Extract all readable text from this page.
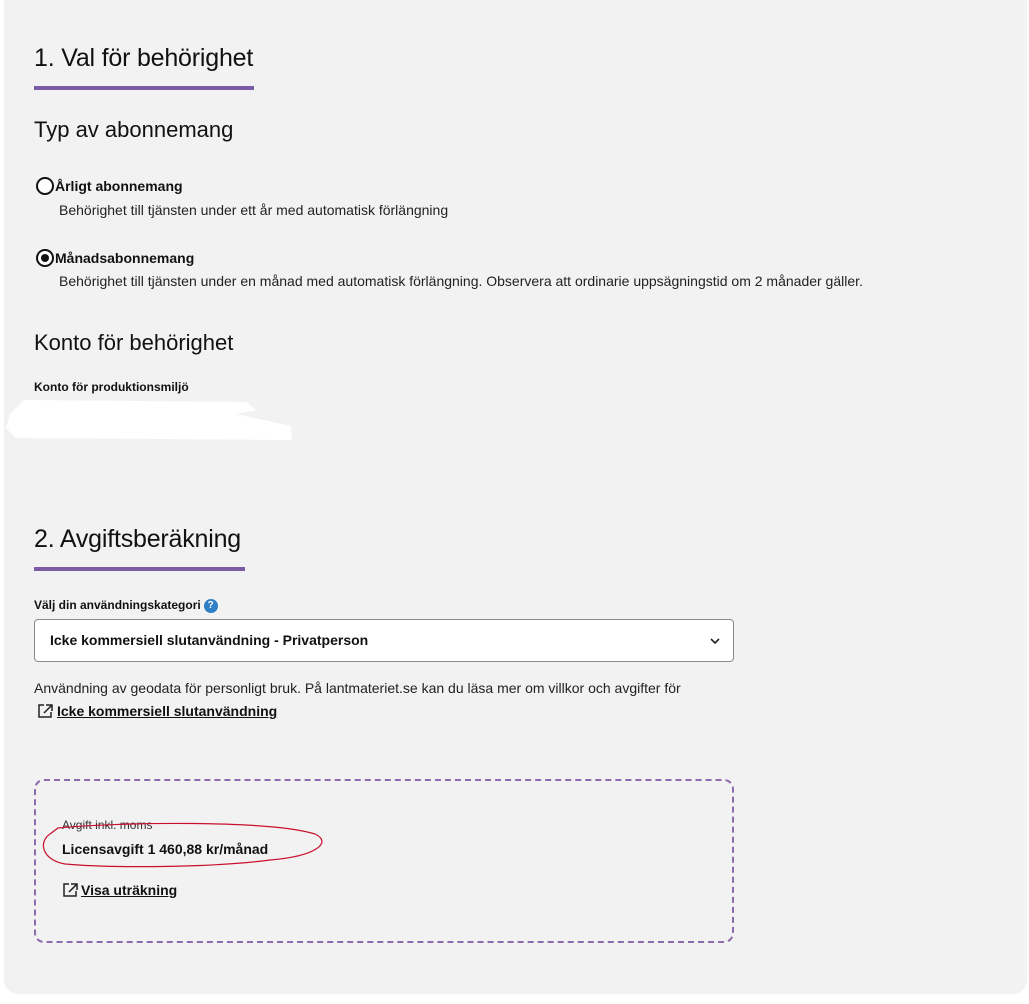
1. Val för behörighet
Typ av abonnemang
Årligt abonnemang
Behörighet till tjänsten under ett år med automatisk förlängning
Månadsabonnemang
Behörighet till tjänsten under en månad med automatisk förlängning. Observera att ordinarie uppsägningstid om 2 månader gäller.
Konto för behörighet
Konto för produktionsmiljö
2. Avgiftsberäkning
Välj din användningskategori ?
Icke kommersiell slutanvändning - Privatperson
Användning av geodata för personligt bruk. På lantmateriet.se kan du läsa mer om villkor och avgifter för
Icke kommersiell slutanvändning
Avgift inkl. moms
Licensavgift 1 460,88 kr/månad
Visa uträkning
